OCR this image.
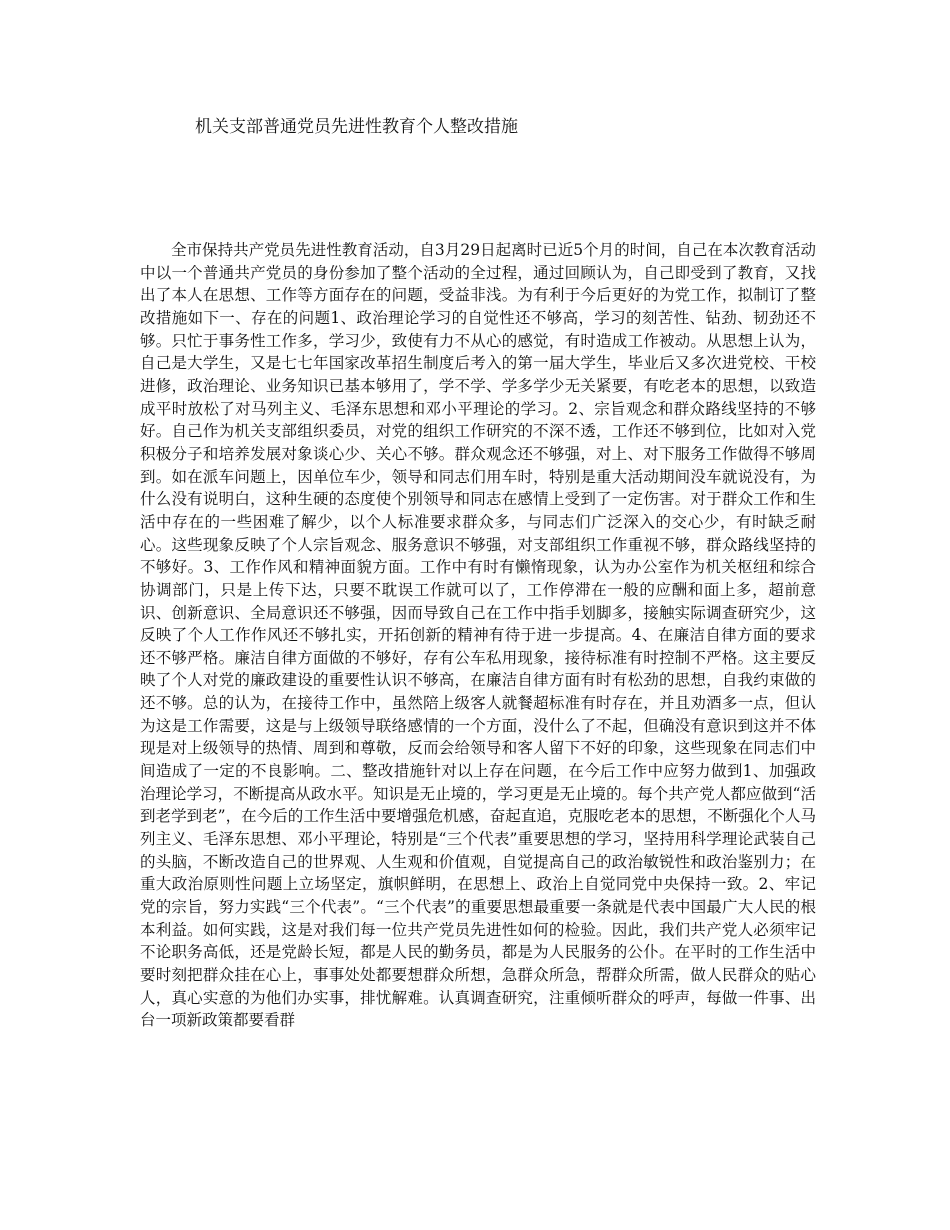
机关支部普通党员先进性教育个人整改措施

全市保持共产党员先进性教育活动，自3月29日起离时已近5个月的时间，自己在本次教育活动中以一个普通共产党员的身份参加了整个活动的全过程，通过回顾认为，自己即受到了教育，又找出了本人在思想、工作等方面存在的问题，受益非浅。为有利于今后更好的为党工作，拟制订了整改措施如下一、存在的问题1、政治理论学习的自觉性还不够高，学习的刻苦性、钻劲、韧劲还不够。只忙于事务性工作多，学习少，致使有力不从心的感觉，有时造成工作被动。从思想上认为，自己是大学生，又是七七年国家改革招生制度后考入的第一届大学生，毕业后又多次进党校、干校进修，政治理论、业务知识已基本够用了，学不学、学多学少无关紧要，有吃老本的思想，以致造成平时放松了对马列主义、毛泽东思想和邓小平理论的学习。2、宗旨观念和群众路线坚持的不够好。自己作为机关支部组织委员，对党的组织工作研究的不深不透，工作还不够到位，比如对入党积极分子和培养发展对象谈心少、关心不够。群众观念还不够强，对上、对下服务工作做得不够周到。如在派车问题上，因单位车少，领导和同志们用车时，特别是重大活动期间没车就说没有，为什么没有说明白，这种生硬的态度使个别领导和同志在感情上受到了一定伤害。对于群众工作和生活中存在的一些困难了解少，以个人标准要求群众多，与同志们广泛深入的交心少，有时缺乏耐心。这些现象反映了个人宗旨观念、服务意识不够强，对支部组织工作重视不够，群众路线坚持的不够好。3、工作作风和精神面貌方面。工作中有时有懒惰现象，认为办公室作为机关枢纽和综合协调部门，只是上传下达，只要不耽误工作就可以了，工作停滞在一般的应酬和面上多，超前意识、创新意识、全局意识还不够强，因而导致自己在工作中指手划脚多，接触实际调查研究少，这反映了个人工作作风还不够扎实，开拓创新的精神有待于进一步提高。4、在廉洁自律方面的要求还不够严格。廉洁自律方面做的不够好，存有公车私用现象，接待标准有时控制不严格。这主要反映了个人对党的廉政建设的重要性认识不够高，在廉洁自律方面有时有松劲的思想，自我约束做的还不够。总的认为，在接待工作中，虽然陪上级客人就餐超标准有时存在，并且劝酒多一点，但认为这是工作需要，这是与上级领导联络感情的一个方面，没什么了不起，但确没有意识到这并不体现是对上级领导的热情、周到和尊敬，反而会给领导和客人留下不好的印象，这些现象在同志们中间造成了一定的不良影响。二、整改措施针对以上存在问题，在今后工作中应努力做到1、加强政治理论学习，不断提高从政水平。知识是无止境的，学习更是无止境的。每个共产党人都应做到“活到老学到老”，在今后的工作生活中要增强危机感，奋起直追，克服吃老本的思想，不断强化个人马列主义、毛泽东思想、邓小平理论，特别是“三个代表”重要思想的学习，坚持用科学理论武装自己的头脑，不断改造自己的世界观、人生观和价值观，自觉提高自己的政治敏锐性和政治鉴别力；在重大政治原则性问题上立场坚定，旗帜鲜明，在思想上、政治上自觉同党中央保持一致。2、牢记党的宗旨，努力实践“三个代表”。“三个代表”的重要思想最重要一条就是代表中国最广大人民的根本利益。如何实践，这是对我们每一位共产党员先进性如何的检验。因此，我们共产党人必须牢记不论职务高低，还是党龄长短，都是人民的勤务员，都是为人民服务的公仆。在平时的工作生活中要时刻把群众挂在心上，事事处处都要想群众所想，急群众所急，帮群众所需，做人民群众的贴心人，真心实意的为他们办实事，排忧解难。认真调查研究，注重倾听群众的呼声，每做一件事、出台一项新政策都要看群
